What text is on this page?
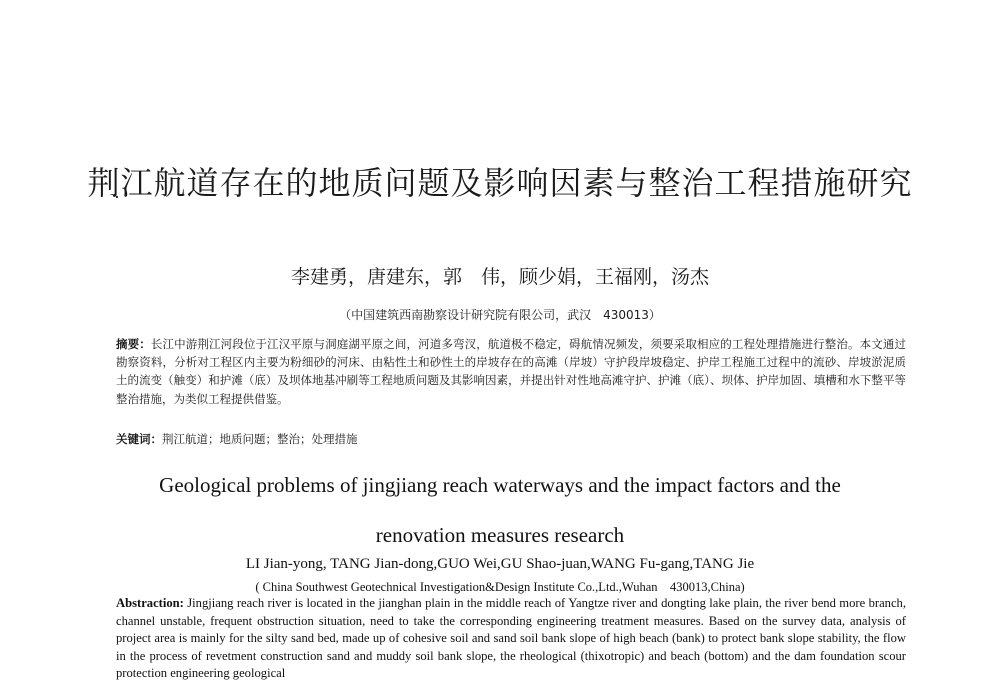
荆江航道存在的地质问题及影响因素与整治工程措施研究
李建勇，唐建东，郭　伟，顾少娟，王福刚，汤杰
（中国建筑西南勘察设计研究院有限公司，武汉　430013）
摘要：长江中游荆江河段位于江汉平原与洞庭湖平原之间，河道多弯汊，航道极不稳定，碍航情况频发，须要采取相应的工程处理措施进行整治。本文通过勘察资料，分析对工程区内主要为粉细砂的河床、由粘性土和砂性土的岸坡存在的高滩（岸坡）守护段岸坡稳定、护岸工程施工过程中的流砂、岸坡淤泥质土的流变（触变）和护滩（底）及坝体地基冲刷等工程地质问题及其影响因素，并提出针对性地高滩守护、护滩（底）、坝体、护岸加固、填槽和水下整平等整治措施，为类似工程提供借鉴。
关键词：荆江航道；地质问题；整治；处理措施
Geological problems of jingjiang reach waterways and the impact factors and the
renovation measures research
LI Jian-yong, TANG Jian-dong,GUO Wei,GU Shao-juan,WANG Fu-gang,TANG Jie
( China Southwest Geotechnical Investigation&Design Institute Co.,Ltd.,Wuhan　430013,China)
Abstraction: Jingjiang reach river is located in the jianghan plain in the middle reach of Yangtze river and dongting lake plain, the river bend more branch, channel unstable, frequent obstruction situation, need to take the corresponding engineering treatment measures. Based on the survey data, analysis of project area is mainly for the silty sand bed, made up of cohesive soil and sand soil bank slope of high beach (bank) to protect bank slope stability, the flow in the process of revetment construction sand and muddy soil bank slope, the rheological (thixotropic) and beach (bottom) and the dam foundation scour protection engineering geological
